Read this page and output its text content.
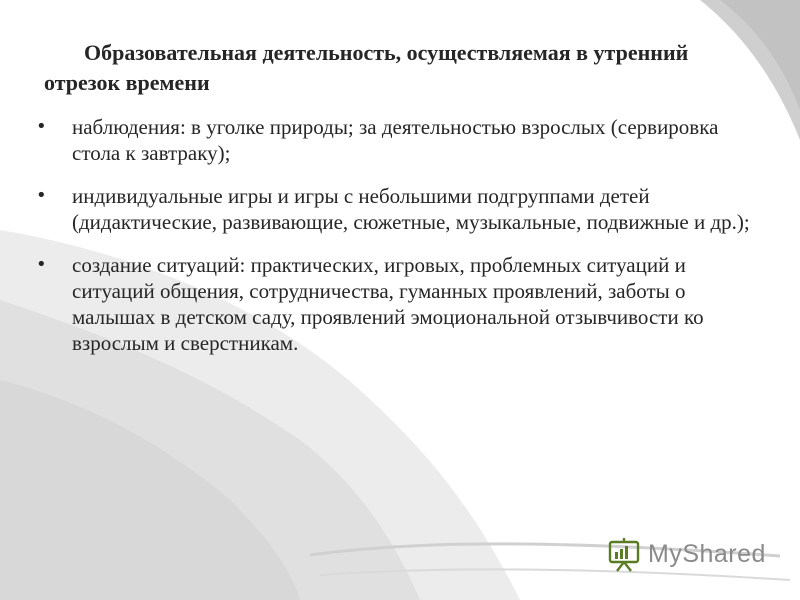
Образовательная деятельность, осуществляемая в утренний отрезок времени
• наблюдения: в уголке природы; за деятельностью взрослых (сервировка стола к завтраку);
• индивидуальные игры и игры с небольшими подгруппами детей (дидактические, развивающие, сюжетные, музыкальные, подвижные и др.);
• создание ситуаций: практических, игровых, проблемных ситуаций и ситуаций общения, сотрудничества, гуманных проявлений, заботы о малышах в детском саду, проявлений эмоциональной отзывчивости ко взрослым и сверстникам.
MyShared
